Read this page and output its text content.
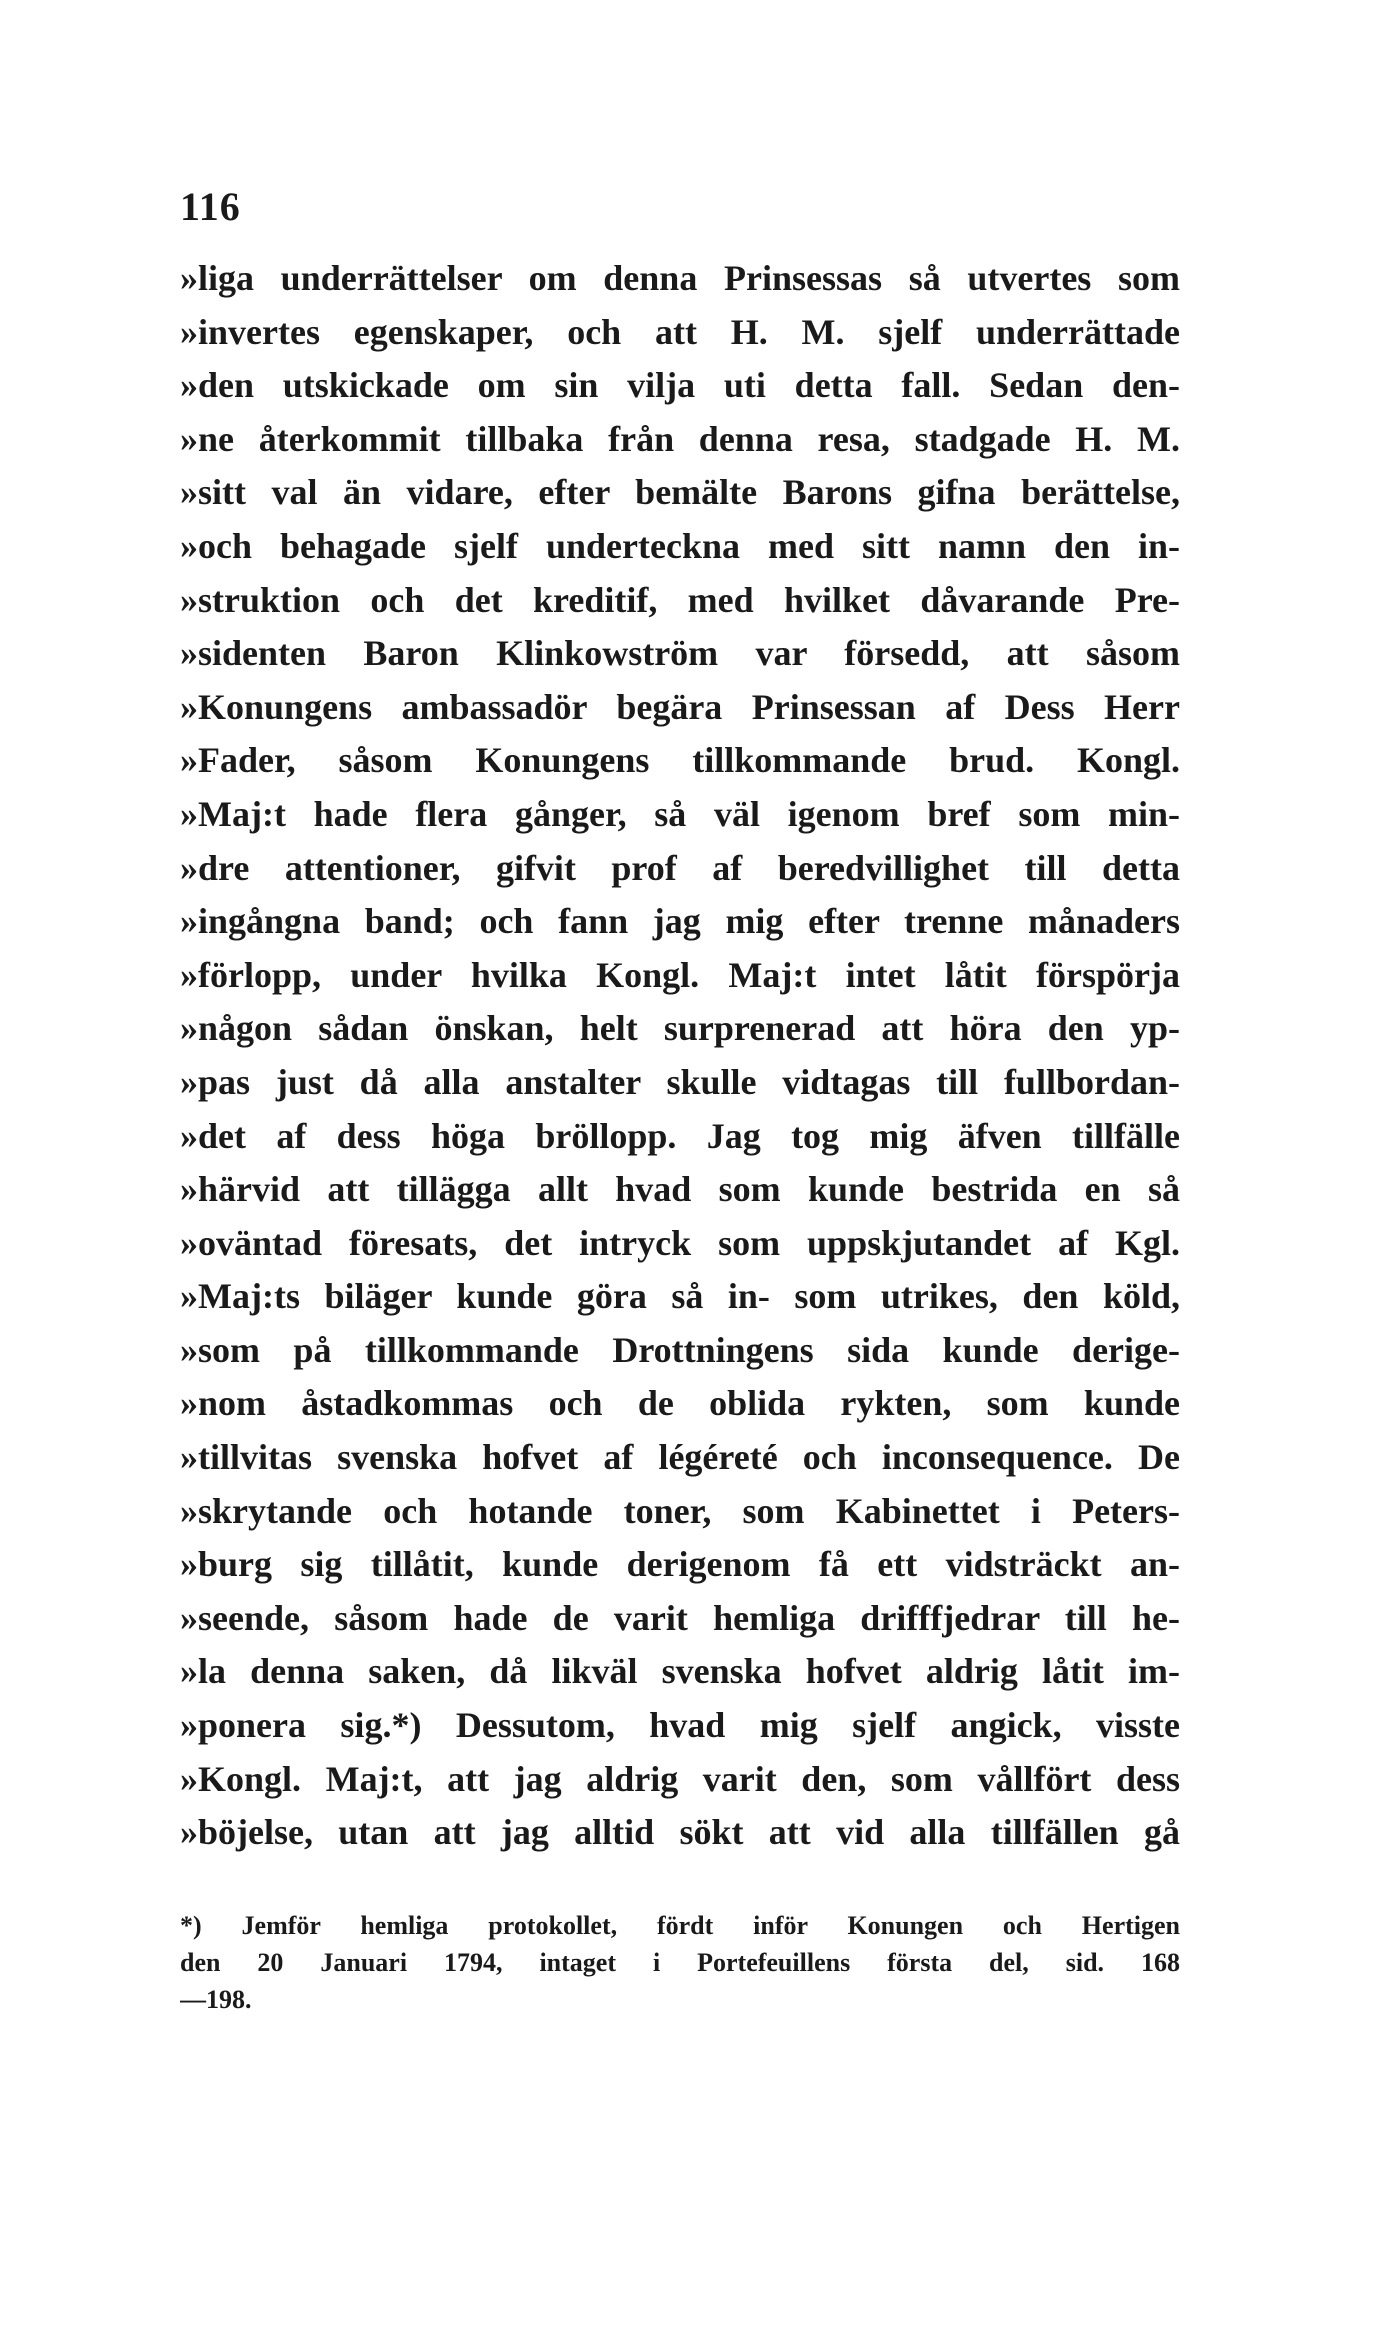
116
»liga underrättelser om denna Prinsessas så utvertes som
»invertes egenskaper, och att H. M. sjelf underrättade
»den utskickade om sin vilja uti detta fall. Sedan den-
»ne återkommit tillbaka från denna resa, stadgade H. M.
»sitt val än vidare, efter bemälte Barons gifna berättelse,
»och behagade sjelf underteckna med sitt namn den in-
»struktion och det kreditif, med hvilket dåvarande Pre-
»sidenten Baron Klinkowström var försedd, att såsom
»Konungens ambassadör begära Prinsessan af Dess Herr
»Fader, såsom Konungens tillkommande brud. Kongl.
»Maj:t hade flera gånger, så väl igenom bref som min-
»dre attentioner, gifvit prof af beredvillighet till detta
»ingångna band; och fann jag mig efter trenne månaders
»förlopp, under hvilka Kongl. Maj:t intet låtit förspörja
»någon sådan önskan, helt surprenerad att höra den yp-
»pas just då alla anstalter skulle vidtagas till fullbordan-
»det af dess höga bröllopp. Jag tog mig äfven tillfälle
»härvid att tillägga allt hvad som kunde bestrida en så
»oväntad föresats, det intryck som uppskjutandet af Kgl.
»Maj:ts biläger kunde göra så in- som utrikes, den köld,
»som på tillkommande Drottningens sida kunde derige-
»nom åstadkommas och de oblida rykten, som kunde
»tillvitas svenska hofvet af légéreté och inconsequence. De
»skrytande och hotande toner, som Kabinettet i Peters-
»burg sig tillåtit, kunde derigenom få ett vidsträckt an-
»seende, såsom hade de varit hemliga drifffjedrar till he-
»la denna saken, då likväl svenska hofvet aldrig låtit im-
»ponera sig.*) Dessutom, hvad mig sjelf angick, visste
»Kongl. Maj:t, att jag aldrig varit den, som vållfört dess
»böjelse, utan att jag alltid sökt att vid alla tillfällen gå
*) Jemför hemliga protokollet, fördt inför Konungen och Hertigen
den 20 Januari 1794, intaget i Portefeuillens första del, sid. 168
—198.
